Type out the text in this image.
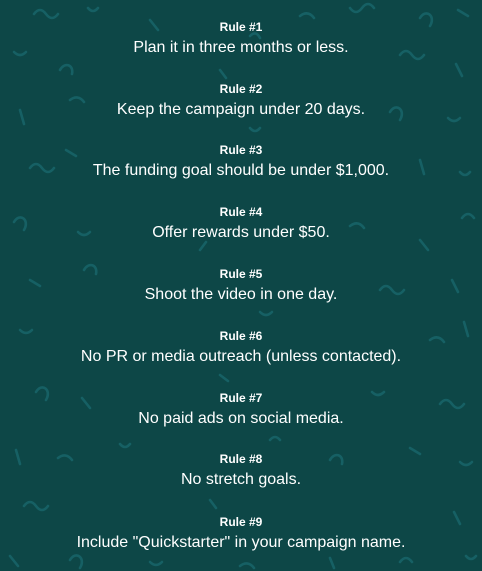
Rule #1
Plan it in three months or less.
Rule #2
Keep the campaign under 20 days.
Rule #3
The funding goal should be under $1,000.
Rule #4
Offer rewards under $50.
Rule #5
Shoot the video in one day.
Rule #6
No PR or media outreach (unless contacted).
Rule #7
No paid ads on social media.
Rule #8
No stretch goals.
Rule #9
Include "Quickstarter" in your campaign name.
